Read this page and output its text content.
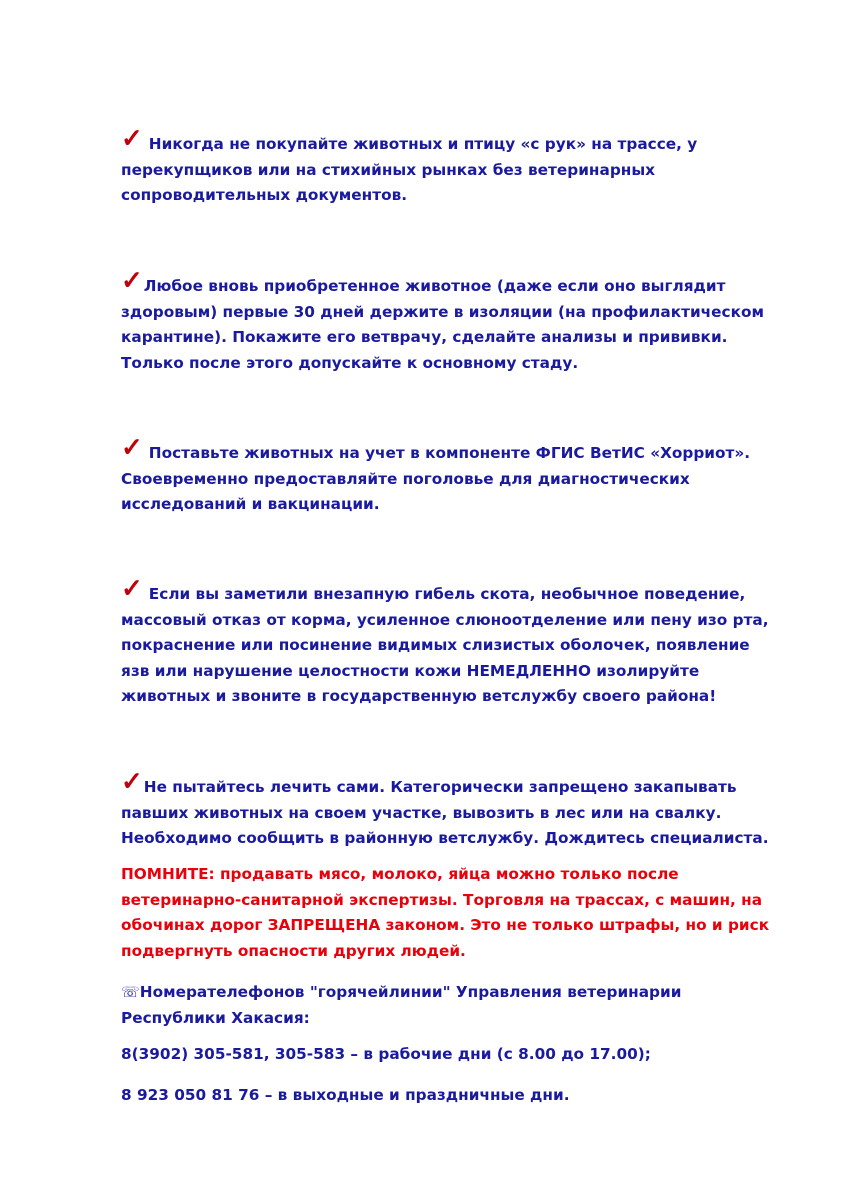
✓ Никогда не покупайте животных и птицу «с рук» на трассе, у
перекупщиков или на стихийных рынках без ветеринарных
сопроводительных документов.
✓Любое вновь приобретенное животное (даже если оно выглядит
здоровым) первые 30 дней держите в изоляции (на профилактическом
карантине). Покажите его ветврачу, сделайте анализы и прививки.
Только после этого допускайте к основному стаду.
✓ Поставьте животных на учет в компоненте ФГИС ВетИС «Хорриот».
Своевременно предоставляйте поголовье для диагностических
исследований и вакцинации.
✓ Если вы заметили внезапную гибель скота, необычное поведение,
массовый отказ от корма, усиленное слюноотделение или пену изо рта,
покраснение или посинение видимых слизистых оболочек, появление
язв или нарушение целостности кожи НЕМЕДЛЕННО изолируйте
животных и звоните в государственную ветслужбу своего района!
✓Не пытайтесь лечить сами. Категорически запрещено закапывать
павших животных на своем участке, вывозить в лес или на свалку.
Необходимо сообщить в районную ветслужбу. Дождитесь специалиста.
ПОМНИТЕ: продавать мясо, молоко, яйца можно только после
ветеринарно-санитарной экспертизы. Торговля на трассах, с машин, на
обочинах дорог ЗАПРЕЩЕНА законом. Это не только штрафы, но и риск
подвергнуть опасности других людей.
☏Номерателефонов "горячейлинии" Управления ветеринарии
Республики Хакасия:
8(3902) 305-581, 305-583 – в рабочие дни (с 8.00 до 17.00);
8 923 050 81 76 – в выходные и праздничные дни.
